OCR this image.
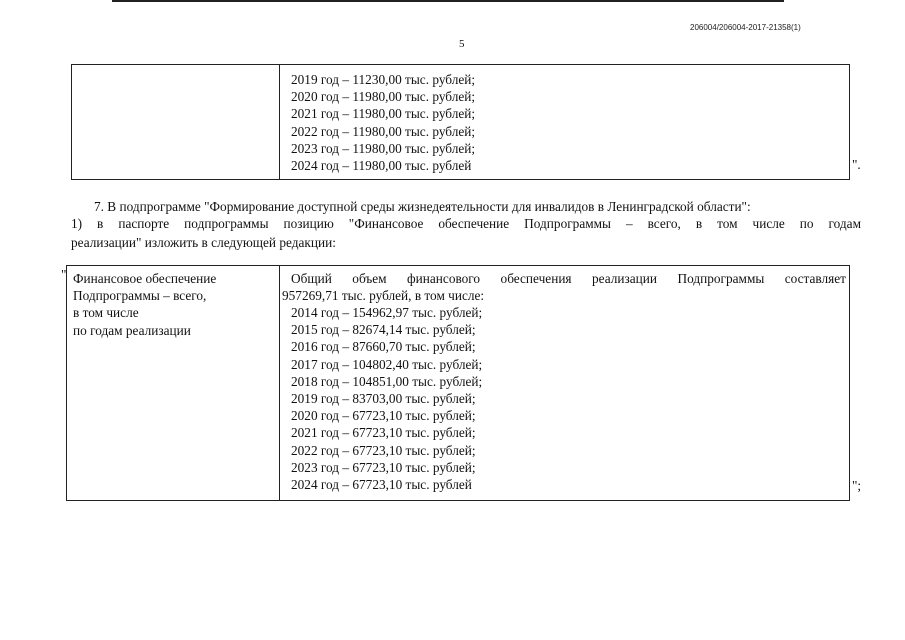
206004/206004-2017-21358(1)
5
2019 год – 11230,00 тыс. рублей;
2020 год – 11980,00 тыс. рублей;
2021 год – 11980,00 тыс. рублей;
2022 год – 11980,00 тыс. рублей;
2023 год – 11980,00 тыс. рублей;
2024 год – 11980,00 тыс. рублей	".
7. В подпрограмме "Формирование доступной среды жизнедеятельности для инвалидов в Ленинградской области":
1) в паспорте подпрограммы позицию "Финансовое обеспечение Подпрограммы – всего, в том числе по годам
реализации" изложить в следующей редакции:
" Финансовое обеспечение
Подпрограммы – всего,
в том числе
по годам реализации
Общий объем финансового обеспечения реализации Подпрограммы составляет
957269,71 тыс. рублей, в том числе:
2014 год – 154962,97 тыс. рублей;
2015 год – 82674,14 тыс. рублей;
2016 год – 87660,70 тыс. рублей;
2017 год – 104802,40 тыс. рублей;
2018 год – 104851,00 тыс. рублей;
2019 год – 83703,00 тыс. рублей;
2020 год – 67723,10 тыс. рублей;
2021 год – 67723,10 тыс. рублей;
2022 год – 67723,10 тыс. рублей;
2023 год – 67723,10 тыс. рублей;
2024 год – 67723,10 тыс. рублей	";
